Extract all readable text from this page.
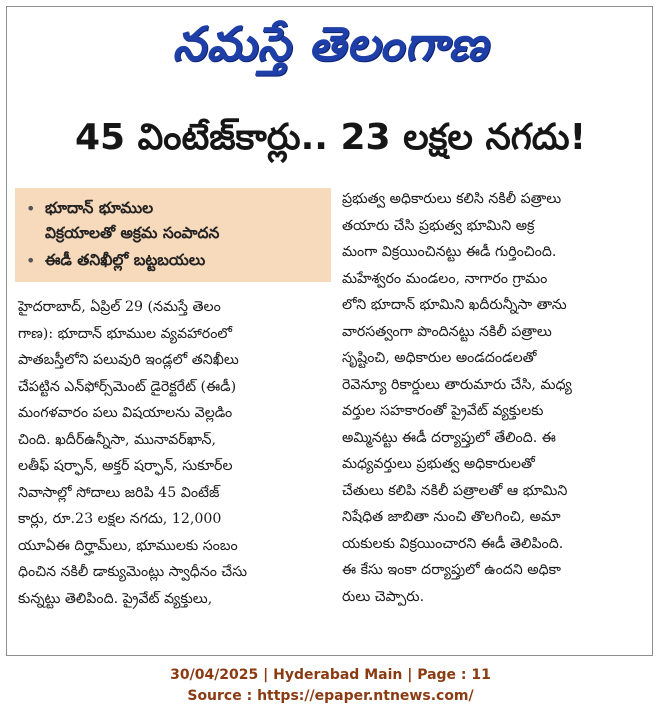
నమస్తే తెలంగాణ
45 వింటేజ్‌కార్లు.. 23 లక్షల నగదు!
• భూదాన్ భూముల
విక్రయాలతో అక్రమ సంపాదన
• ఈడీ తనిఖీల్లో బట్టబయలు
హైదరాబాద్, ఏప్రిల్ 29 (నమస్తే తెలం
గాణ): భూదాన్ భూముల వ్యవహారంలో
పాతబస్తీలోని పలువురి ఇండ్లలో తనిఖీలు
చేపట్టిన ఎన్‌ఫోర్స్‌మెంట్ డైరెక్టరేట్ (ఈడీ)
మంగళవారం పలు విషయాలను వెల్లడిం
చింది. ఖదీర్‌ఉన్నీసా, మునావర్‌ఖాన్,
లతీఫ్ షర్ఫాన్, అక్తర్ షర్ఫాన్, సుకూర్‌ల
నివాసాల్లో సోదాలు జరిపి 45 వింటేజ్
కార్లు, రూ.23 లక్షల నగదు, 12,000
యూఏఈ దిర్హామ్‌లు, భూములకు సంబం
ధించిన నకిలీ డాక్యుమెంట్లు స్వాధీనం చేసు
కున్నట్టు తెలిపింది. ప్రైవేట్ వ్యక్తులు,
ప్రభుత్వ అధికారులు కలిసి నకిలీ పత్రాలు
తయారు చేసి ప్రభుత్వ భూమిని అక్ర
మంగా విక్రయించినట్టు ఈడీ గుర్తించింది.
మహేశ్వరం మండలం, నాగారం గ్రామం
లోని భూదాన్ భూమిని ఖదీరున్నీసా తాను
వారసత్వంగా పొందినట్టు నకిలీ పత్రాలు
సృష్టించి, అధికారుల అండదండలతో
రెవెన్యూ రికార్డులు తారుమారు చేసి, మధ్య
వర్తుల సహకారంతో ప్రైవేట్ వ్యక్తులకు
అమ్మినట్టు ఈడీ దర్యాప్తులో తేలింది. ఈ
మధ్యవర్తులు ప్రభుత్వ అధికారులతో
చేతులు కలిపి నకిలీ పత్రాలతో ఆ భూమిని
నిషేధిత జాబితా నుంచి తొలగించి, అమా
యకులకు విక్రయించారని ఈడీ తెలిపింది.
ఈ కేసు ఇంకా దర్యాప్తులో ఉందని అధికా
రులు చెప్పారు.
30/04/2025 | Hyderabad Main | Page : 11
Source : https://epaper.ntnews.com/
